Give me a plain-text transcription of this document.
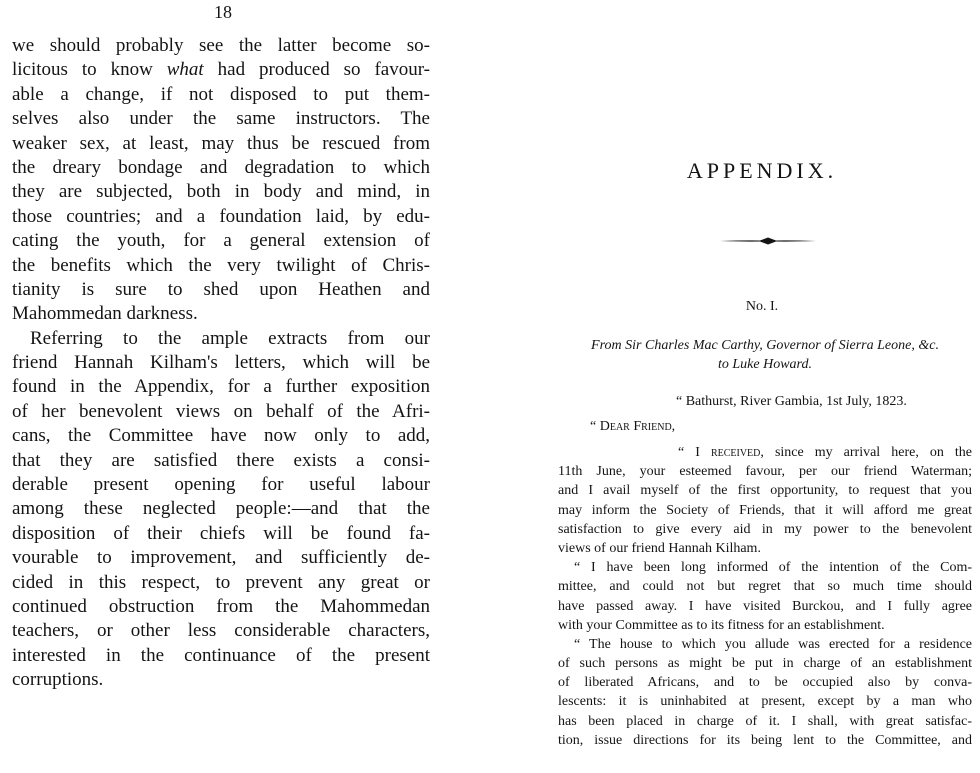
18
we should probably see the latter become so-
licitous to know what had produced so favour-
able a change, if not disposed to put them-
selves also under the same instructors. The
weaker sex, at least, may thus be rescued from
the dreary bondage and degradation to which
they are subjected, both in body and mind, in
those countries; and a foundation laid, by edu-
cating the youth, for a general extension of
the benefits which the very twilight of Chris-
tianity is sure to shed upon Heathen and
Mahommedan darkness.
Referring to the ample extracts from our
friend Hannah Kilham's letters, which will be
found in the Appendix, for a further exposition
of her benevolent views on behalf of the Afri-
cans, the Committee have now only to add,
that they are satisfied there exists a consi-
derable present opening for useful labour
among these neglected people:—and that the
disposition of their chiefs will be found fa-
vourable to improvement, and sufficiently de-
cided in this respect, to prevent any great or
continued obstruction from the Mahommedan
teachers, or other less considerable characters,
interested in the continuance of the present
corruptions.
APPENDIX.
No. I.
From Sir Charles Mac Carthy, Governor of Sierra Leone, &c.
to Luke Howard.
“ Bathurst, River Gambia, 1st July, 1823.
“ Dear Friend,
“ I received, since my arrival here, on the
11th June, your esteemed favour, per our friend Waterman;
and I avail myself of the first opportunity, to request that you
may inform the Society of Friends, that it will afford me great
satisfaction to give every aid in my power to the benevolent
views of our friend Hannah Kilham.
“ I have been long informed of the intention of the Com-
mittee, and could not but regret that so much time should
have passed away. I have visited Burckou, and I fully agree
with your Committee as to its fitness for an establishment.
“ The house to which you allude was erected for a residence
of such persons as might be put in charge of an establishment
of liberated Africans, and to be occupied also by conva-
lescents: it is uninhabited at present, except by a man who
has been placed in charge of it. I shall, with great satisfac-
tion, issue directions for its being lent to the Committee, and
